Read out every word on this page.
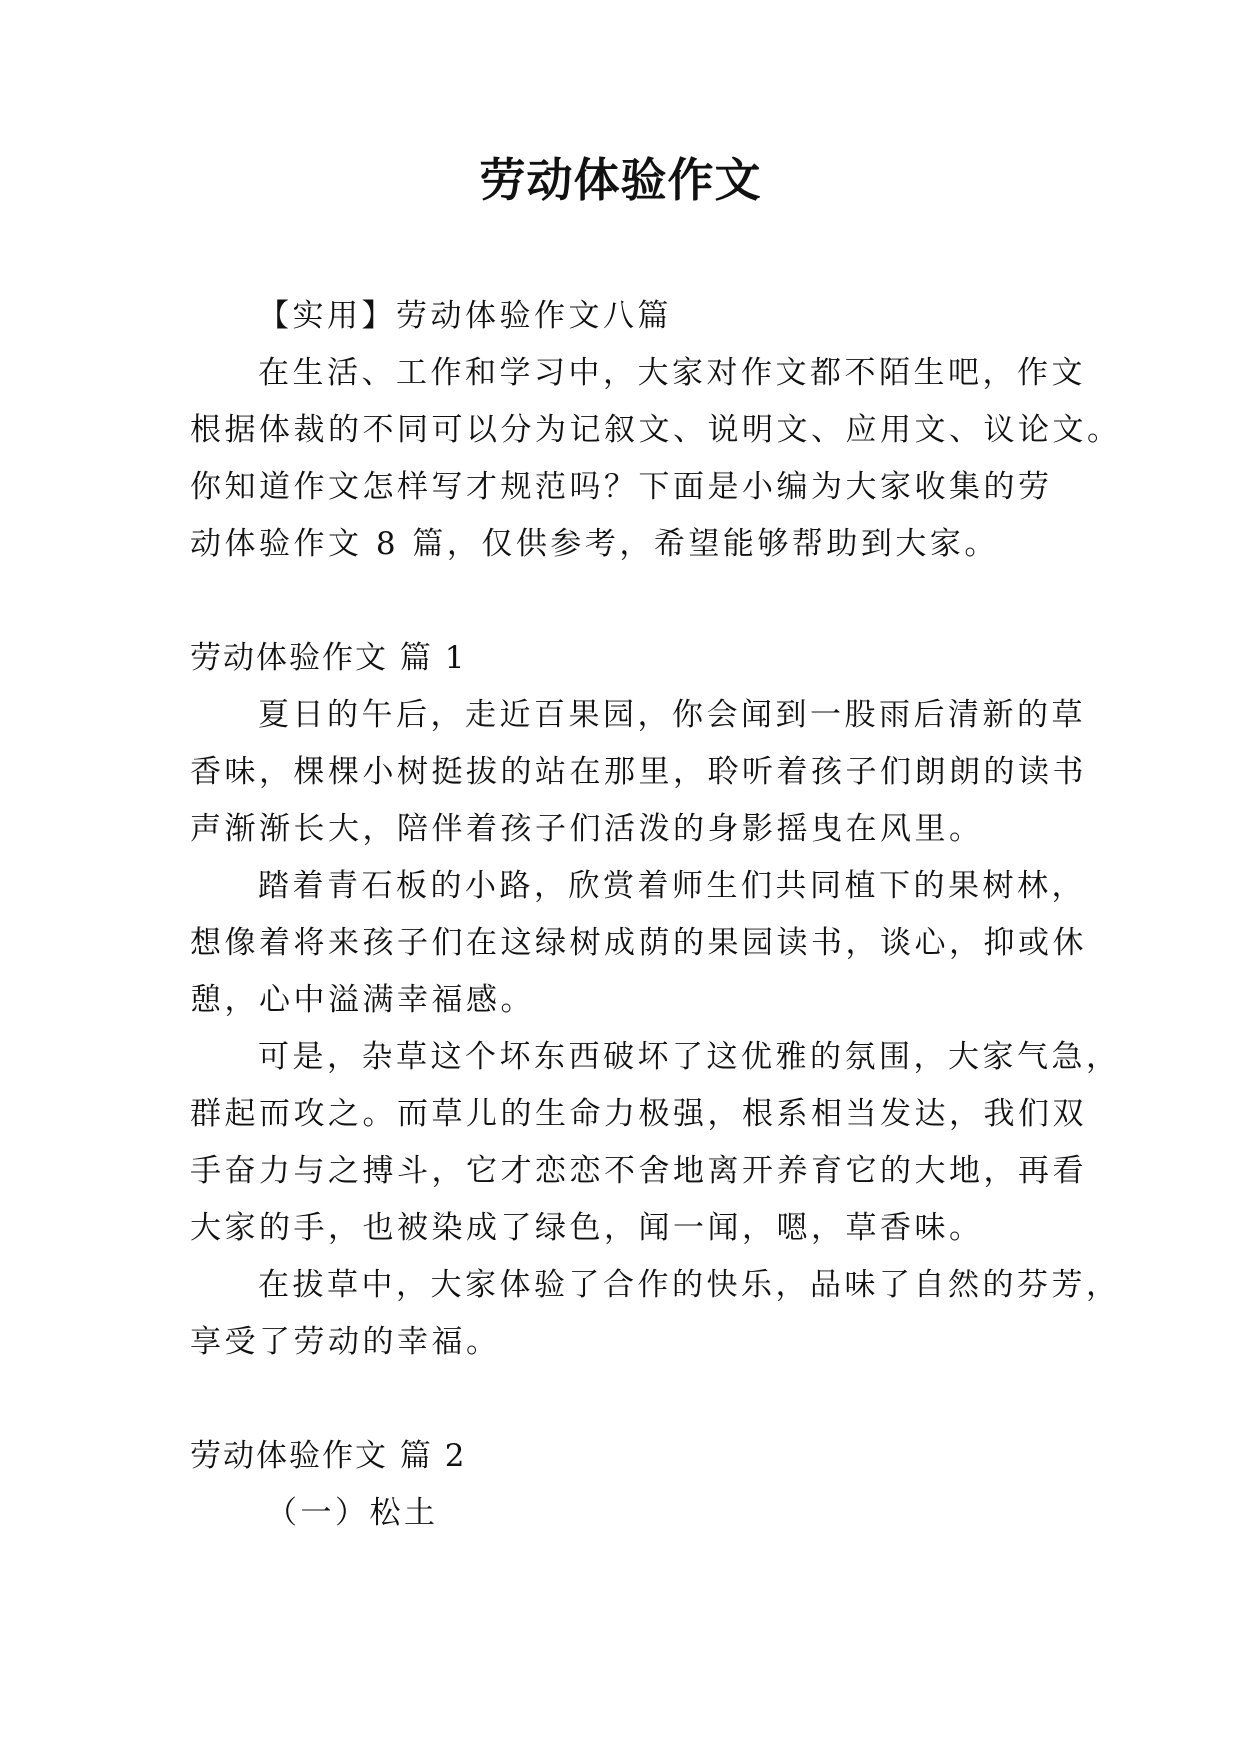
劳动体验作文
【实用】劳动体验作文八篇
在生活、工作和学习中，大家对作文都不陌生吧，作文
根据体裁的不同可以分为记叙文、说明文、应用文、议论文。
你知道作文怎样写才规范吗？下面是小编为大家收集的劳
动体验作文 8 篇，仅供参考，希望能够帮助到大家。
劳动体验作文 篇 1
夏日的午后，走近百果园，你会闻到一股雨后清新的草
香味，棵棵小树挺拔的站在那里，聆听着孩子们朗朗的读书
声渐渐长大，陪伴着孩子们活泼的身影摇曳在风里。
踏着青石板的小路，欣赏着师生们共同植下的果树林，
想像着将来孩子们在这绿树成荫的果园读书，谈心，抑或休
憩，心中溢满幸福感。
可是，杂草这个坏东西破坏了这优雅的氛围，大家气急，
群起而攻之。而草儿的生命力极强，根系相当发达，我们双
手奋力与之搏斗，它才恋恋不舍地离开养育它的大地，再看
大家的手，也被染成了绿色，闻一闻，嗯，草香味。
在拔草中，大家体验了合作的快乐，品味了自然的芬芳，
享受了劳动的幸福。
劳动体验作文 篇 2
（一）松土
